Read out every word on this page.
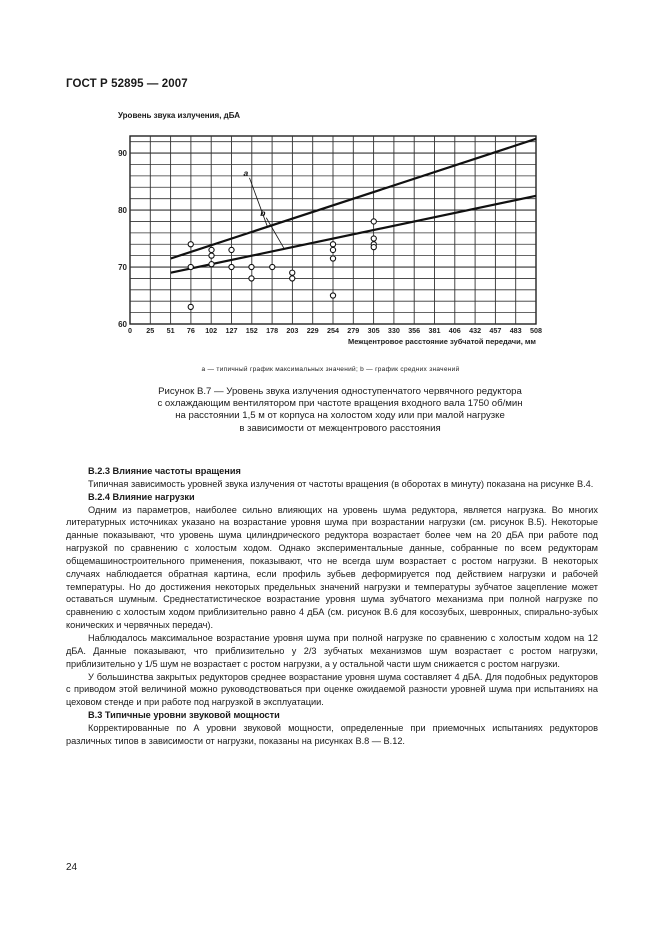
ГОСТ Р 52895 — 2007
Уровень звука излучения, дБА
0 25 51 76 102 127 152 178 203 229 254 279 305 330 356 381 406 432 457 483 508
60
70
80
90
a
b
Межцентровое расстояние зубчатой передачи, мм
а — типичный график максимальных значений; b — график средних значений
Рисунок В.7 — Уровень звука излучения одноступенчатого червячного редуктора
с охлаждающим вентилятором при частоте вращения входного вала 1750 об/мин
на расстоянии 1,5 м от корпуса на холостом ходу или при малой нагрузке
в зависимости от межцентрового расстояния
В.2.3 Влияние частоты вращения

Типичная зависимость уровней звука излучения от частоты вращения (в оборотах в минуту) показана на рисунке В.4.

В.2.4 Влияние нагрузки

Одним из параметров, наиболее сильно влияющих на уровень шума редуктора, является нагрузка. Во многих литературных источниках указано на возрастание уровня шума при возрастании нагрузки (см. рисунок В.5). Некоторые данные показывают, что уровень шума цилиндрического редуктора возрастает более чем на 20 дБА при работе под нагрузкой по сравнению с холостым ходом. Однако экспериментальные данные, собранные по всем редукторам общемашиностроительного применения, показывают, что не всегда шум возрастает с ростом нагрузки. В некоторых случаях наблюдается обратная картина, если профиль зубьев деформируется под действием нагрузки и рабочей температуры. Но до достижения некоторых предельных значений нагрузки и температуры зубчатое зацепление может оставаться шумным. Среднестатистическое возрастание уровня шума зубчатого механизма при полной нагрузке по сравнению с холостым ходом приблизительно равно 4 дБА (см. рисунок В.6 для косозубых, шевронных, спирально-зубых конических и червячных передач).

Наблюдалось максимальное возрастание уровня шума при полной нагрузке по сравнению с холостым ходом на 12 дБА. Данные показывают, что приблизительно у 2/3 зубчатых механизмов шум возрастает с ростом нагрузки, приблизительно у 1/5 шум не возрастает с ростом нагрузки, а у остальной части шум снижается с ростом нагрузки.

У большинства закрытых редукторов среднее возрастание уровня шума составляет 4 дБА. Для подобных редукторов с приводом этой величиной можно руководствоваться при оценке ожидаемой разности уровней шума при испытаниях на цеховом стенде и при работе под нагрузкой в эксплуатации.

В.3 Типичные уровни звуковой мощности

Корректированные по А уровни звуковой мощности, определенные при приемочных испытаниях редукторов различных типов в зависимости от нагрузки, показаны на рисунках В.8 — В.12.

24
